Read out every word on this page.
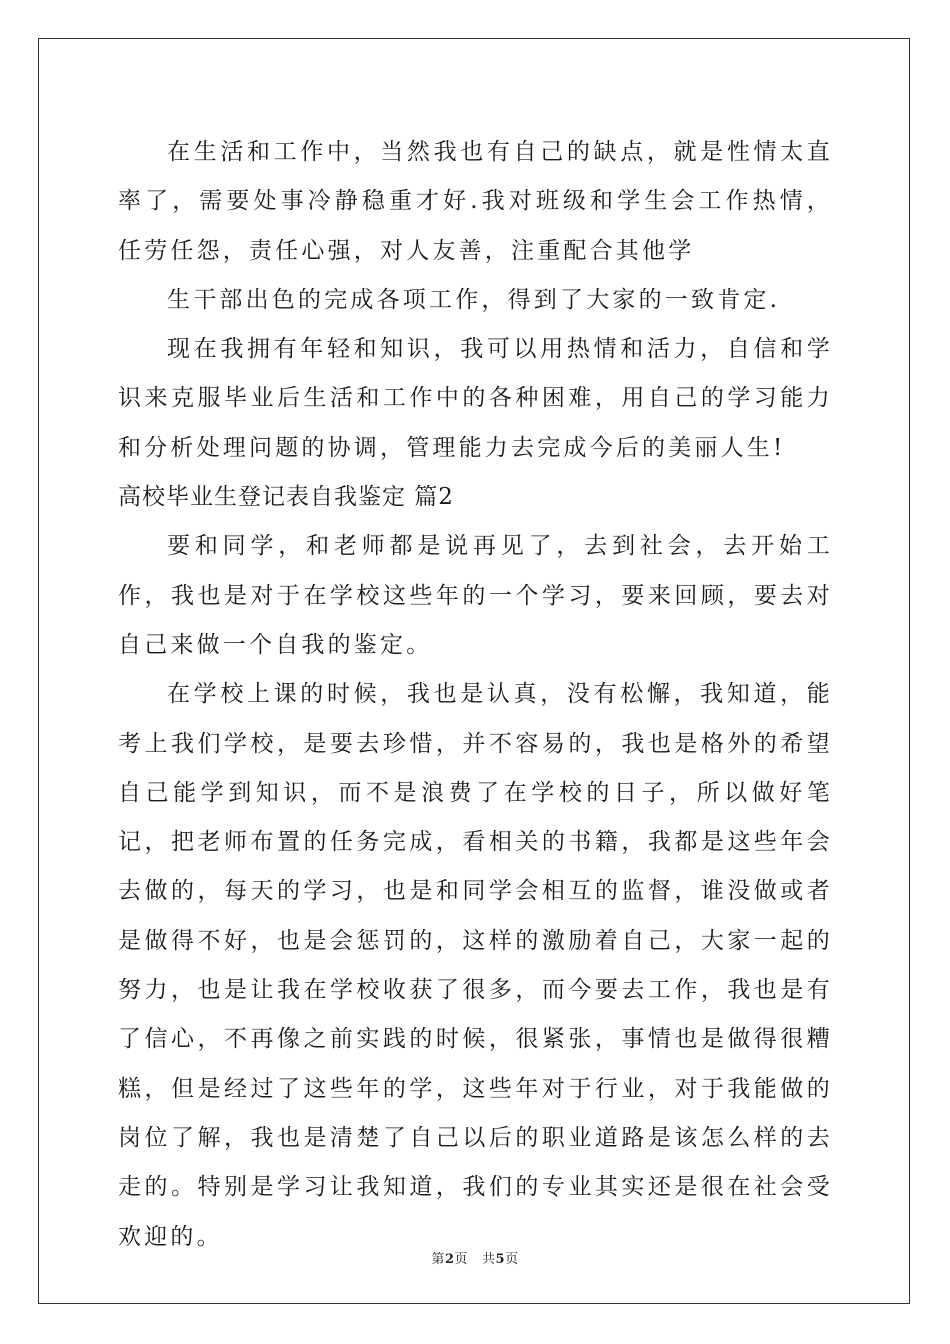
在生活和工作中，当然我也有自己的缺点，就是性情太直率了，需要处事冷静稳重才好.我对班级和学生会工作热情，任劳任怨，责任心强，对人友善，注重配合其他学

生干部出色的完成各项工作，得到了大家的一致肯定.

现在我拥有年轻和知识，我可以用热情和活力，自信和学识来克服毕业后生活和工作中的各种困难，用自己的学习能力和分析处理问题的协调，管理能力去完成今后的美丽人生!

高校毕业生登记表自我鉴定 篇2

要和同学，和老师都是说再见了，去到社会，去开始工作，我也是对于在学校这些年的一个学习，要来回顾，要去对自己来做一个自我的鉴定。

在学校上课的时候，我也是认真，没有松懈，我知道，能考上我们学校，是要去珍惜，并不容易的，我也是格外的希望自己能学到知识，而不是浪费了在学校的日子，所以做好笔记，把老师布置的任务完成，看相关的书籍，我都是这些年会去做的，每天的学习，也是和同学会相互的监督，谁没做或者是做得不好，也是会惩罚的，这样的激励着自己，大家一起的努力，也是让我在学校收获了很多，而今要去工作，我也是有了信心，不再像之前实践的时候，很紧张，事情也是做得很糟糕，但是经过了这些年的学，这些年对于行业，对于我能做的岗位了解，我也是清楚了自己以后的职业道路是该怎么样的去走的。特别是学习让我知道，我们的专业其实还是很在社会受欢迎的。

第2页 共5页
